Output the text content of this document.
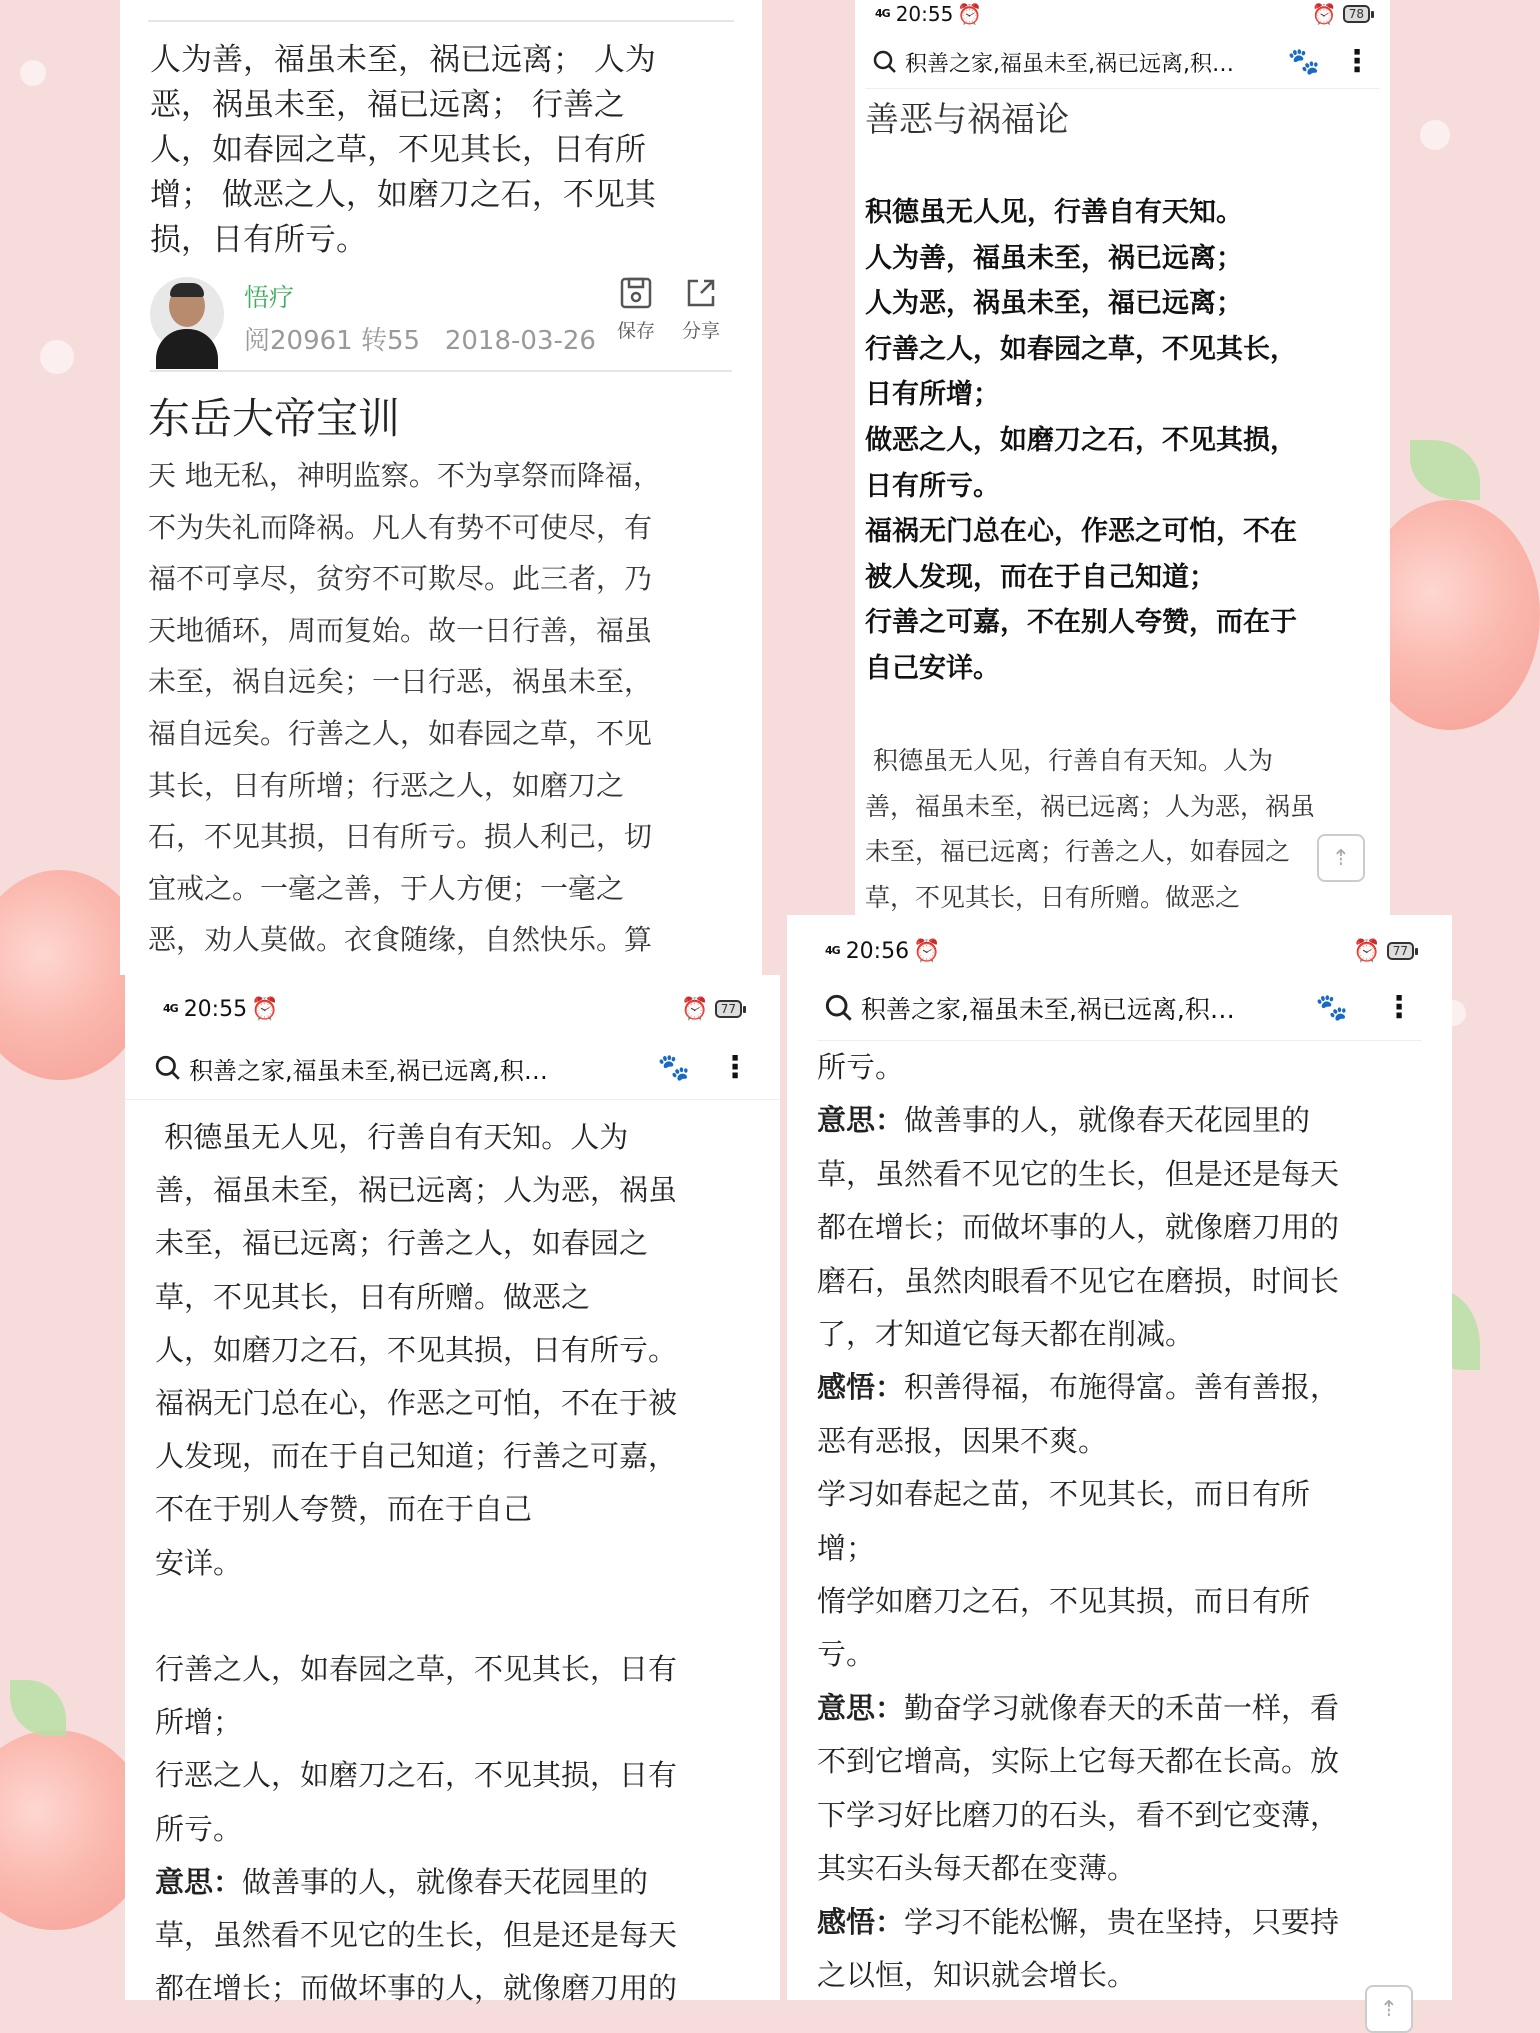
人为善，福虽未至，祸已远离； 人为
恶，祸虽未至，福已远离； 行善之
人，如春园之草，不见其长，日有所
增； 做恶之人，如磨刀之石，不见其
损，日有所亏。
悟疗
阅20961 转55   2018-03-26	保存	分享
东岳大帝宝训
天 地无私，神明监察。不为享祭而降福，
不为失礼而降祸。凡人有势不可使尽，有
福不可享尽，贫穷不可欺尽。此三者，乃
天地循环，周而复始。故一日行善，福虽
未至，祸自远矣；一日行恶，祸虽未至，
福自远矣。行善之人，如春园之草，不见
其长，日有所增；行恶之人，如磨刀之
石，不见其损，日有所亏。损人利己，切
宜戒之。一毫之善，于人方便；一毫之
恶，劝人莫做。衣食随缘，自然快乐。算
4G 20:55 ⏰	⏰	78
积善之家,福虽未至,祸已远离,积…	🐾 ⋮
善恶与祸福论
积德虽无人见，行善自有天知。
人为善，福虽未至，祸已远离；
人为恶，祸虽未至，福已远离；
行善之人，如春园之草，不见其长，
日有所增；
做恶之人，如磨刀之石，不见其损，
日有所亏。
福祸无门总在心，作恶之可怕，不在
被人发现，而在于自己知道；
行善之可嘉，不在别人夸赞，而在于
自己安详。
积德虽无人见，行善自有天知。人为
善，福虽未至，祸已远离；人为恶，祸虽
未至，福已远离；行善之人，如春园之
草，不见其长，日有所赠。做恶之
⇡
4G 20:55 ⏰	⏰	77
积善之家,福虽未至,祸已远离,积…	🐾 ⋮
积德虽无人见，行善自有天知。人为
善，福虽未至，祸已远离；人为恶，祸虽
未至，福已远离；行善之人，如春园之
草，不见其长，日有所赠。做恶之
人，如磨刀之石，不见其损，日有所亏。
福祸无门总在心，作恶之可怕，不在于被
人发现，而在于自己知道；行善之可嘉，
不在于别人夸赞，而在于自己
安详。
行善之人，如春园之草，不见其长，日有
所增；
行恶之人，如磨刀之石，不见其损，日有
所亏。
意思：做善事的人，就像春天花园里的
草，虽然看不见它的生长，但是还是每天
都在增长；而做坏事的人，就像磨刀用的
4G 20:56 ⏰	⏰	77
积善之家,福虽未至,祸已远离,积…	🐾 ⋮
所亏。
意思：做善事的人，就像春天花园里的
草，虽然看不见它的生长，但是还是每天
都在增长；而做坏事的人，就像磨刀用的
磨石，虽然肉眼看不见它在磨损，时间长
了，才知道它每天都在削减。
感悟：积善得福，布施得富。善有善报，
恶有恶报，因果不爽。
学习如春起之苗，不见其长，而日有所
增；
惰学如磨刀之石，不见其损，而日有所
亏。
意思：勤奋学习就像春天的禾苗一样，看
不到它增高，实际上它每天都在长高。放
下学习好比磨刀的石头，看不到它变薄，
其实石头每天都在变薄。
感悟：学习不能松懈，贵在坚持，只要持
之以恒，知识就会增长。
⇡
